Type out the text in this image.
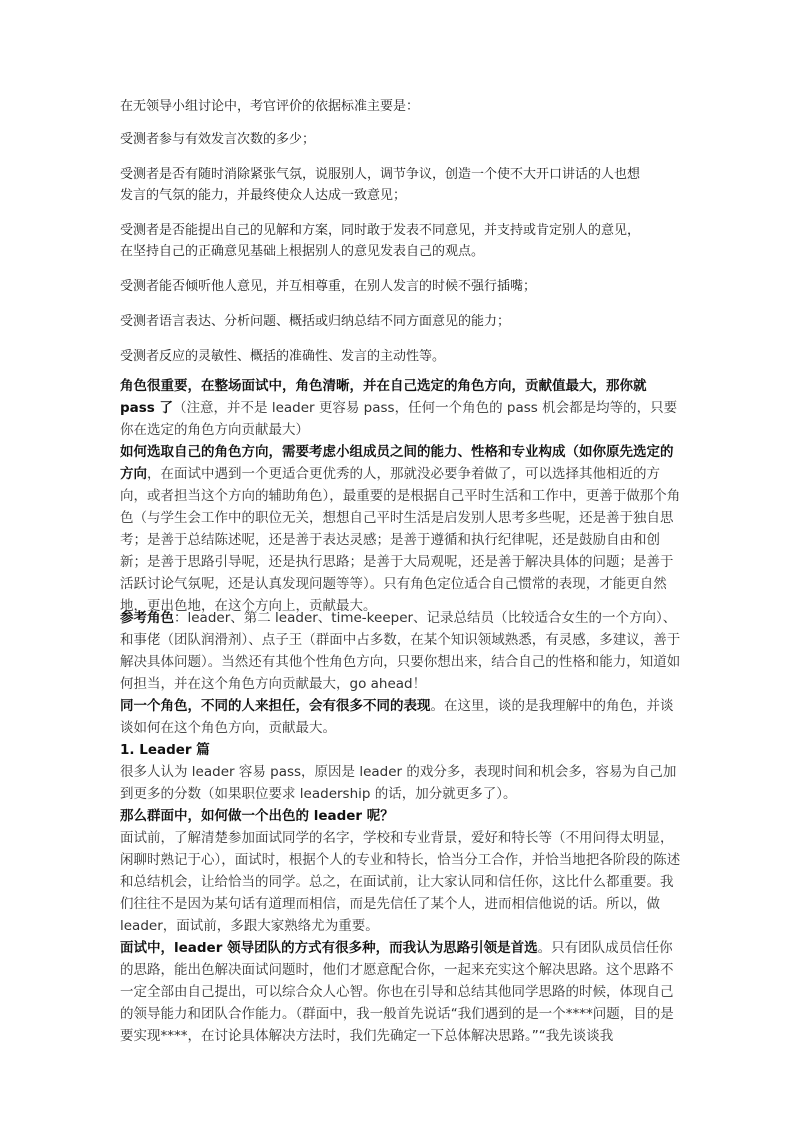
在无领导小组讨论中，考官评价的依据标准主要是：
受测者参与有效发言次数的多少；
受测者是否有随时消除紧张气氛，说服别人，调节争议，创造一个使不大开口讲话的人也想
发言的气氛的能力，并最终使众人达成一致意见；
受测者是否能提出自己的见解和方案，同时敢于发表不同意见，并支持或肯定别人的意见，
在坚持自己的正确意见基础上根据别人的意见发表自己的观点。
受测者能否倾听他人意见，并互相尊重，在别人发言的时候不强行插嘴；
受测者语言表达、分析问题、概括或归纳总结不同方面意见的能力；
受测者反应的灵敏性、概括的准确性、发言的主动性等。
角色很重要，在整场面试中，角色清晰，并在自己选定的角色方向，贡献值最大，那你就 pass 了（注意，并不是 leader 更容易 pass，任何一个角色的 pass 机会都是均等的，只要你在选定的角色方向贡献最大）
如何选取自己的角色方向，需要考虑小组成员之间的能力、性格和专业构成（如你原先选定的方向，在面试中遇到一个更适合更优秀的人，那就没必要争着做了，可以选择其他相近的方向，或者担当这个方向的辅助角色），最重要的是根据自己平时生活和工作中，更善于做那个角色（与学生会工作中的职位无关，想想自己平时生活是启发别人思考多些呢，还是善于独自思考；是善于总结陈述呢，还是善于表达灵感；是善于遵循和执行纪律呢，还是鼓励自由和创新；是善于思路引导呢，还是执行思路；是善于大局观呢，还是善于解决具体的问题；是善于活跃讨论气氛呢，还是认真发现问题等等）。只有角色定位适合自己惯常的表现，才能更自然地，更出色地，在这个方向上，贡献最大。
参考角色：leader、第二 leader、time-keeper、记录总结员（比较适合女生的一个方向）、和事佬（团队润滑剂）、点子王（群面中占多数，在某个知识领域熟悉，有灵感，多建议，善于解决具体问题）。当然还有其他个性角色方向，只要你想出来，结合自己的性格和能力，知道如何担当，并在这个角色方向贡献最大，go ahead！
同一个角色，不同的人来担任，会有很多不同的表现。在这里，谈的是我理解中的角色，并谈谈如何在这个角色方向，贡献最大。
1. Leader 篇
很多人认为 leader 容易 pass，原因是 leader 的戏分多，表现时间和机会多，容易为自己加到更多的分数（如果职位要求 leadership 的话，加分就更多了）。
那么群面中，如何做一个出色的 leader 呢？
面试前，了解清楚参加面试同学的名字，学校和专业背景，爱好和特长等（不用问得太明显，闲聊时熟记于心），面试时，根据个人的专业和特长，恰当分工合作，并恰当地把各阶段的陈述和总结机会，让给恰当的同学。总之，在面试前，让大家认同和信任你，这比什么都重要。我们往往不是因为某句话有道理而相信，而是先信任了某个人，进而相信他说的话。所以，做 leader，面试前，多跟大家熟络尤为重要。
面试中，leader 领导团队的方式有很多种，而我认为思路引领是首选。只有团队成员信任你的思路，能出色解决面试问题时，他们才愿意配合你，一起来充实这个解决思路。这个思路不一定全部由自己提出，可以综合众人心智。你也在引导和总结其他同学思路的时候，体现自己的领导能力和团队合作能力。（群面中，我一般首先说话“我们遇到的是一个****问题，目的是要实现****，在讨论具体解决方法时，我们先确定一下总体解决思路。”“我先谈谈我
